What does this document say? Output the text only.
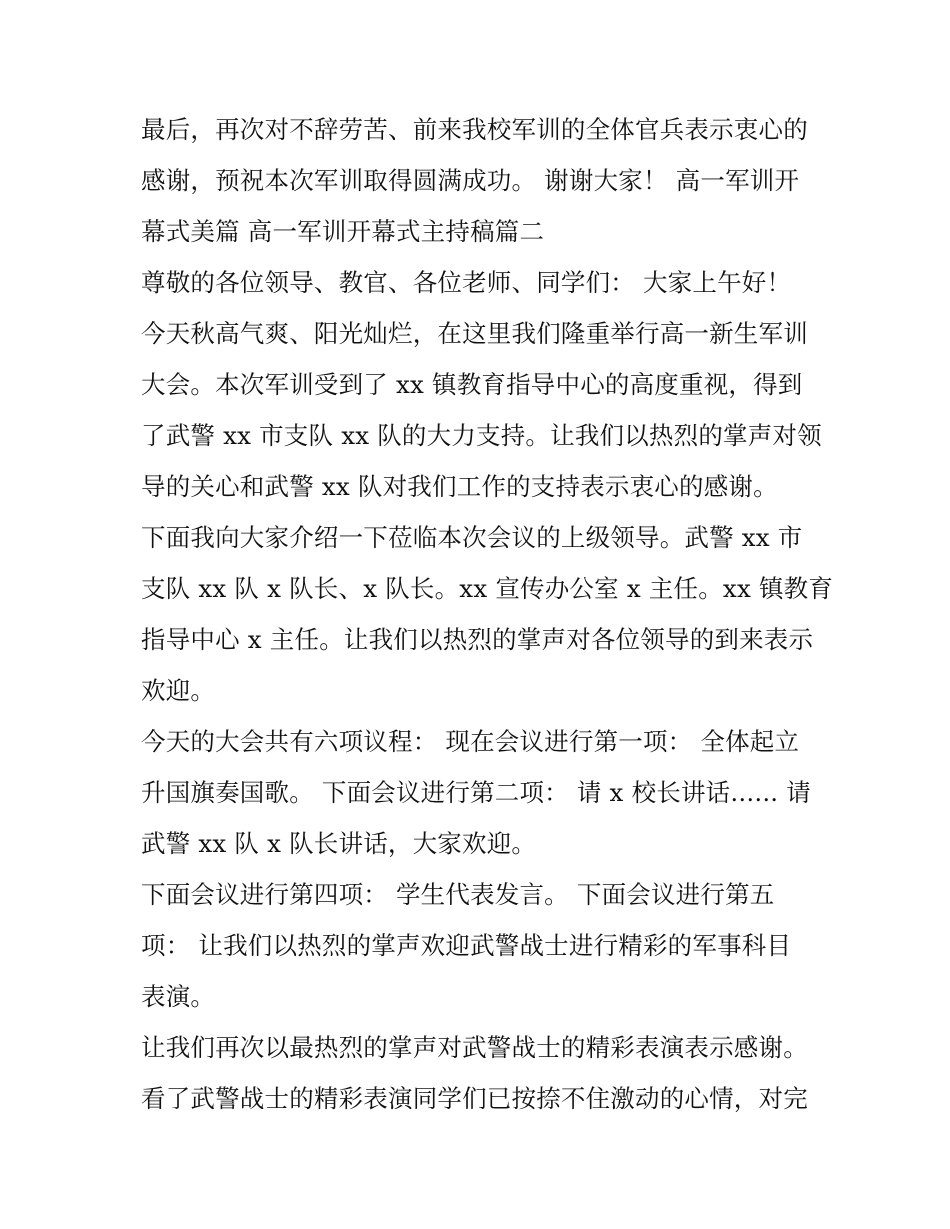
最后，再次对不辞劳苦、前来我校军训的全体官兵表示衷心的
感谢，预祝本次军训取得圆满成功。 谢谢大家！ 高一军训开
幕式美篇 高一军训开幕式主持稿篇二
尊敬的各位领导、教官、各位老师、同学们： 大家上午好！
今天秋高气爽、阳光灿烂，在这里我们隆重举行高一新生军训
大会。本次军训受到了 xx 镇教育指导中心的高度重视，得到
了武警 xx 市支队 xx 队的大力支持。让我们以热烈的掌声对领
导的关心和武警 xx 队对我们工作的支持表示衷心的感谢。
下面我向大家介绍一下莅临本次会议的上级领导。武警 xx 市
支队 xx 队 x 队长、x 队长。xx 宣传办公室 x 主任。xx 镇教育
指导中心 x 主任。让我们以热烈的掌声对各位领导的到来表示
欢迎。
今天的大会共有六项议程： 现在会议进行第一项： 全体起立
升国旗奏国歌。 下面会议进行第二项： 请 x 校长讲话...... 请
武警 xx 队 x 队长讲话，大家欢迎。
下面会议进行第四项： 学生代表发言。 下面会议进行第五
项： 让我们以热烈的掌声欢迎武警战士进行精彩的军事科目
表演。
让我们再次以最热烈的掌声对武警战士的精彩表演表示感谢。
看了武警战士的精彩表演同学们已按捺不住激动的心情，对完
